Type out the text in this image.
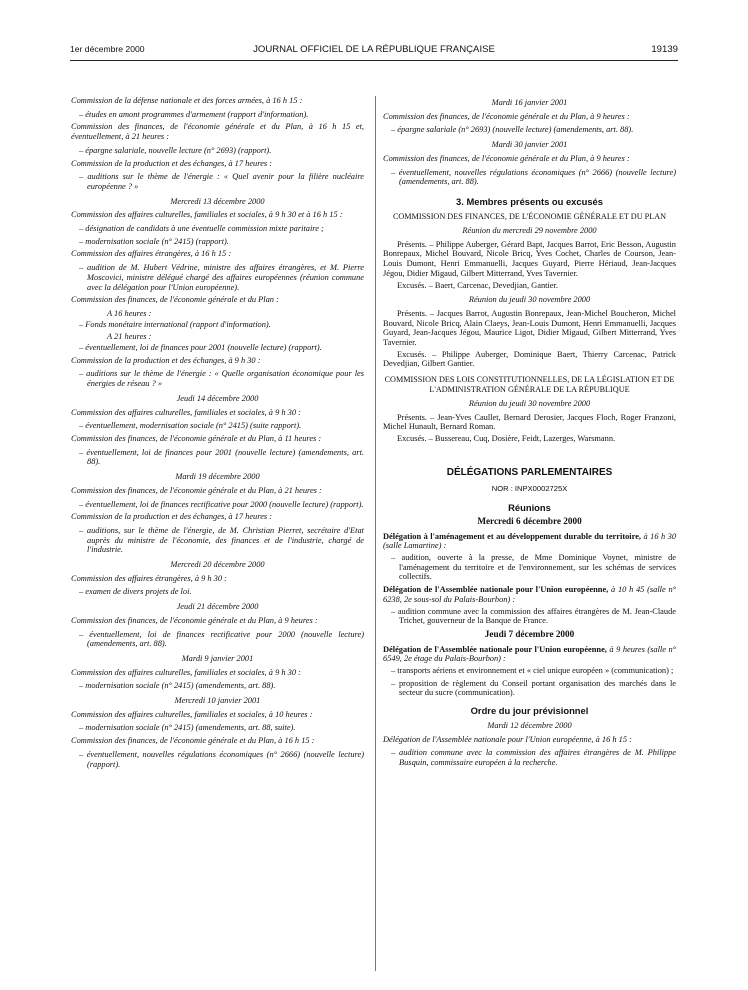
1er décembre 2000	JOURNAL OFFICIEL DE LA RÉPUBLIQUE FRANÇAISE	19139

Commission de la défense nationale et des forces armées, à 16 h 15 :

– études en amont programmes d'armement (rapport d'information).

Commission des finances, de l'économie générale et du Plan, à 16 h 15 et, éventuellement, à 21 heures :

– épargne salariale, nouvelle lecture (n° 2693) (rapport).

Commission de la production et des échanges, à 17 heures :

– auditions sur le thème de l'énergie : « Quel avenir pour la filière nucléaire européenne ? »

Mercredi 13 décembre 2000

Commission des affaires culturelles, familiales et sociales, à 9 h 30 et à 16 h 15 :

– désignation de candidats à une éventuelle commission mixte paritaire ;

– modernisation sociale (n° 2415) (rapport).

Commission des affaires étrangères, à 16 h 15 :

– audition de M. Hubert Védrine, ministre des affaires étrangères, et M. Pierre Moscovici, ministre délégué chargé des affaires européennes (réunion commune avec la délégation pour l'Union européenne).

Commission des finances, de l'économie générale et du Plan :

A 16 heures :

– Fonds monétaire international (rapport d'information).

A 21 heures :

– éventuellement, loi de finances pour 2001 (nouvelle lecture) (rapport).

Commission de la production et des échanges, à 9 h 30 :

– auditions sur le thème de l'énergie : « Quelle organisation économique pour les énergies de réseau ? »

Jeudi 14 décembre 2000

Commission des affaires culturelles, familiales et sociales, à 9 h 30 :

– éventuellement, modernisation sociale (n° 2415) (suite rapport).

Commission des finances, de l'économie générale et du Plan, à 11 heures :

– éventuellement, loi de finances pour 2001 (nouvelle lecture) (amendements, art. 88).

Mardi 19 décembre 2000

Commission des finances, de l'économie générale et du Plan, à 21 heures :

– éventuellement, loi de finances rectificative pour 2000 (nouvelle lecture) (rapport).

Commission de la production et des échanges, à 17 heures :

– auditions, sur le thème de l'énergie, de M. Christian Pierret, secrétaire d'Etat auprès du ministre de l'économie, des finances et de l'industrie, chargé de l'industrie.

Mercredi 20 décembre 2000

Commission des affaires étrangères, à 9 h 30 :

– examen de divers projets de loi.

Jeudi 21 décembre 2000

Commission des finances, de l'économie générale et du Plan, à 9 heures :

– éventuellement, loi de finances rectificative pour 2000 (nouvelle lecture) (amendements, art. 88).

Mardi 9 janvier 2001

Commission des affaires culturelles, familiales et sociales, à 9 h 30 :

– modernisation sociale (n° 2415) (amendements, art. 88).

Mercredi 10 janvier 2001

Commission des affaires culturelles, familiales et sociales, à 10 heures :

– modernisation sociale (n° 2415) (amendements, art. 88, suite).

Commission des finances, de l'économie générale et du Plan, à 16 h 15 :

– éventuellement, nouvelles régulations économiques (n° 2666) (nouvelle lecture) (rapport).

Mardi 16 janvier 2001

Commission des finances, de l'économie générale et du Plan, à 9 heures :

– épargne salariale (n° 2693) (nouvelle lecture) (amendements, art. 88).

Mardi 30 janvier 2001

Commission des finances, de l'économie générale et du Plan, à 9 heures :

– éventuellement, nouvelles régulations économiques (n° 2666) (nouvelle lecture) (amendements, art. 88).

3. Membres présents ou excusés
COMMISSION DES FINANCES, DE L'ÉCONOMIE GÉNÉRALE ET DU PLAN
Réunion du mercredi 29 novembre 2000

Présents. – Philippe Auberger, Gérard Bapt, Jacques Barrot, Eric Besson, Augustin Bonrepaux, Michel Bouvard, Nicole Bricq, Yves Cochet, Charles de Courson, Jean-Louis Dumont, Henri Emmanuelli, Jacques Guyard, Pierre Hériaud, Jean-Jacques Jégou, Didier Migaud, Gilbert Mitterrand, Yves Tavernier.

Excusés. – Baert, Carcenac, Devedjian, Gantier.

Réunion du jeudi 30 novembre 2000

Présents. – Jacques Barrot, Augustin Bonrepaux, Jean-Michel Boucheron, Michel Bouvard, Nicole Bricq, Alain Claeys, Jean-Louis Dumont, Henri Emmanuelli, Jacques Guyard, Jean-Jacques Jégou, Maurice Ligot, Didier Migaud, Gilbert Mitterrand, Yves Tavernier.

Excusés. – Philippe Auberger, Dominique Baert, Thierry Carcenac, Patrick Devedjian, Gilbert Gantier.

COMMISSION DES LOIS CONSTITUTIONNELLES, DE LA LÉGISLATION ET DE L'ADMINISTRATION GÉNÉRALE DE LA RÉPUBLIQUE
Réunion du jeudi 30 novembre 2000

Présents. – Jean-Yves Caullet, Bernard Derosier, Jacques Floch, Roger Franzoni, Michel Hunault, Bernard Roman.

Excusés. – Bussereau, Cuq, Dosière, Feidt, Lazerges, Warsmann.

DÉLÉGATIONS PARLEMENTAIRES
NOR : INPX0002725X
Réunions
Mercredi 6 décembre 2000

Délégation à l'aménagement et au développement durable du territoire, à 16 h 30 (salle Lamartine) :

– audition, ouverte à la presse, de Mme Dominique Voynet, ministre de l'aménagement du territoire et de l'environnement, sur les schémas de services collectifs.

Délégation de l'Assemblée nationale pour l'Union européenne, à 10 h 45 (salle n° 6238, 2e sous-sol du Palais-Bourbon) :

– audition commune avec la commission des affaires étrangères de M. Jean-Claude Trichet, gouverneur de la Banque de France.

Jeudi 7 décembre 2000

Délégation de l'Assemblée nationale pour l'Union européenne, à 9 heures (salle n° 6549, 2e étage du Palais-Bourbon) :

– transports aériens et environnement et « ciel unique européen » (communication) ;

– proposition de règlement du Conseil portant organisation des marchés dans le secteur du sucre (communication).

Ordre du jour prévisionnel
Mardi 12 décembre 2000

Délégation de l'Assemblée nationale pour l'Union européenne, à 16 h 15 :

– audition commune avec la commission des affaires étrangères de M. Philippe Busquin, commissaire européen à la recherche.
